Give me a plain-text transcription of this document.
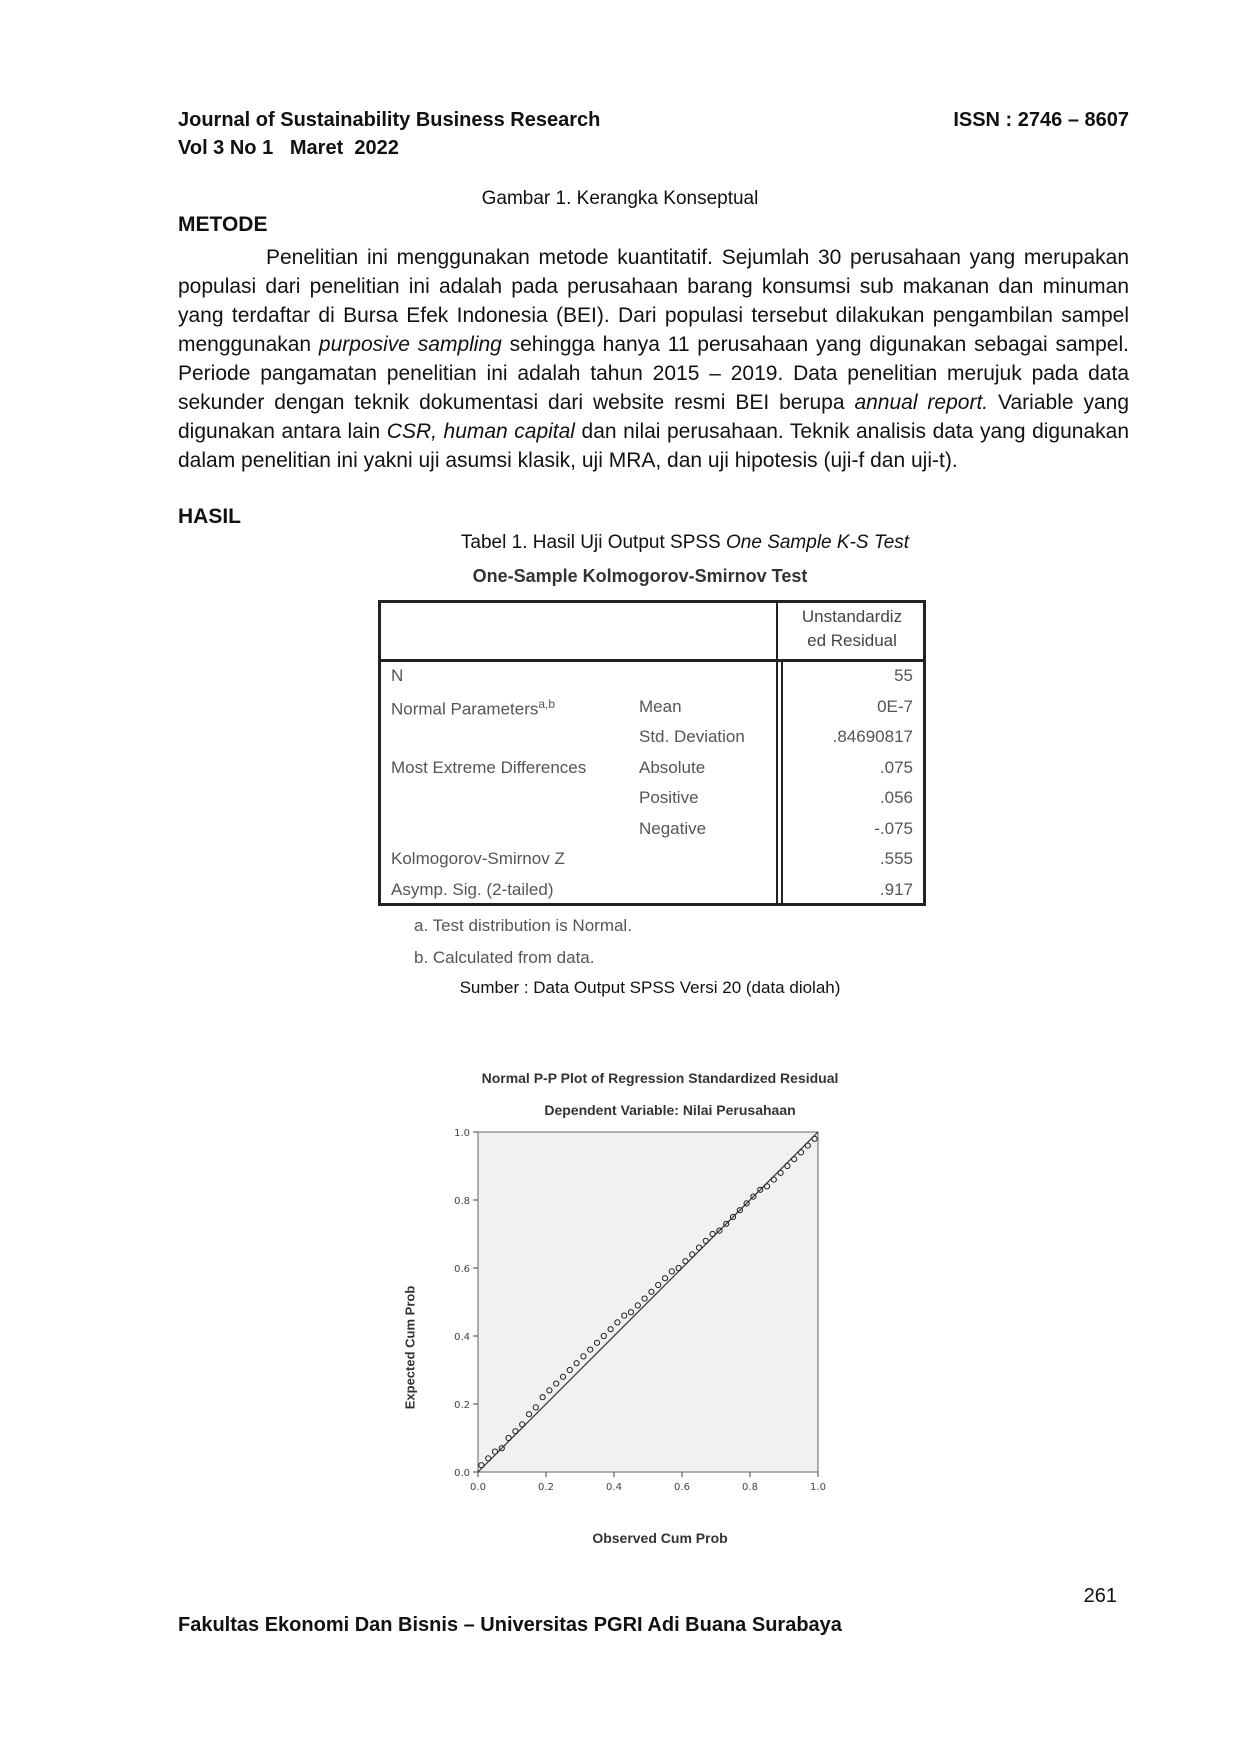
Journal of Sustainability Business Research
Vol 3 No 1   Maret  2022
ISSN : 2746 – 8607
Gambar 1. Kerangka Konseptual
METODE

Penelitian ini menggunakan metode kuantitatif. Sejumlah 30 perusahaan yang merupakan populasi dari penelitian ini adalah pada perusahaan barang konsumsi sub makanan dan minuman yang terdaftar di Bursa Efek Indonesia (BEI). Dari populasi tersebut dilakukan pengambilan sampel menggunakan purposive sampling sehingga hanya 11 perusahaan yang digunakan sebagai sampel. Periode pangamatan penelitian ini adalah tahun 2015 – 2019. Data penelitian merujuk pada data sekunder dengan teknik dokumentasi dari website resmi BEI berupa annual report. Variable yang digunakan antara lain CSR, human capital dan nilai perusahaan. Teknik analisis data yang digunakan dalam penelitian ini yakni uji asumsi klasik, uji MRA, dan uji hipotesis (uji-f dan uji-t).

HASIL
Tabel 1. Hasil Uji Output SPSS One Sample K-S Test
One-Sample Kolmogorov-Smirnov Test
Unstandardiz
ed Residual
N	55
Normal Parameters$^{a,b}$	Mean	0E-7
Std. Deviation	.84690817
Most Extreme Differences	Absolute	.075
Positive	.056
Negative	-.075
Kolmogorov-Smirnov Z	.555
Asymp. Sig. (2-tailed)	.917
a. Test distribution is Normal.
b. Calculated from data.
Sumber : Data Output SPSS Versi 20 (data diolah)
Normal P-P Plot of Regression Standardized Residual
Dependent Variable: Nilai Perusahaan
0.0
0.0
0.2
0.2
0.4
0.4
0.6
0.6
0.8
0.8
1.0
1.0
Observed Cum Prob
Expected Cum Prob
261
Fakultas Ekonomi Dan Bisnis – Universitas PGRI Adi Buana Surabaya
